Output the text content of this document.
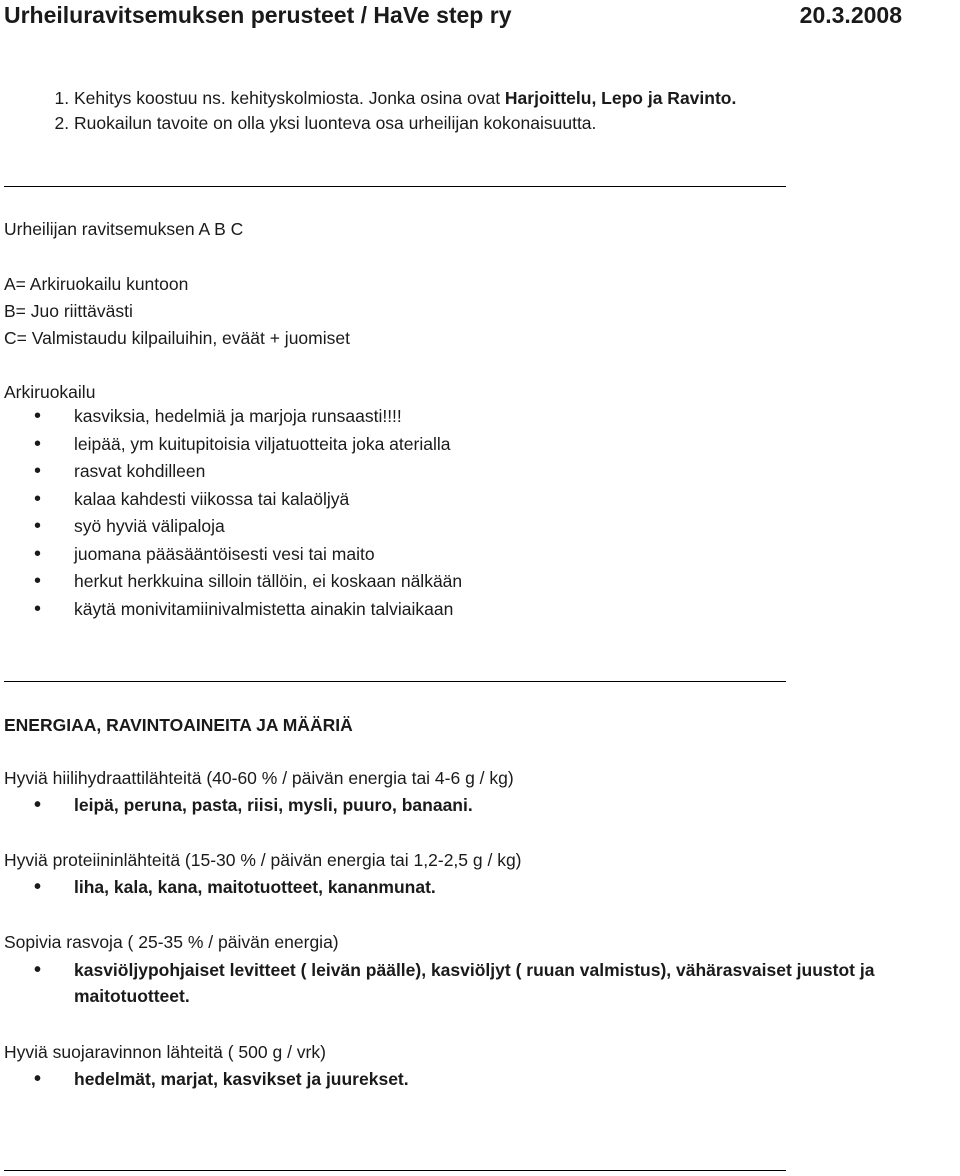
Urheiluravitsemuksen perusteet / HaVe step ry	20.3.2008
1. Kehitys koostuu ns. kehityskolmiosta. Jonka osina ovat Harjoittelu, Lepo ja Ravinto.
2. Ruokailun tavoite on olla yksi luonteva osa urheilijan kokonaisuutta.
Urheilijan ravitsemuksen A B C
A= Arkiruokailu kuntoon
B= Juo riittävästi
C= Valmistaudu kilpailuihin, eväät + juomiset
Arkiruokailu
• kasviksia, hedelmiä ja marjoja runsaasti!!!!
• leipää, ym kuitupitoisia viljatuotteita joka aterialla
• rasvat kohdilleen
• kalaa kahdesti viikossa tai kalaöljyä
• syö hyviä välipaloja
• juomana pääsääntöisesti vesi tai maito
• herkut herkkuina silloin tällöin, ei koskaan nälkään
• käytä monivitamiinivalmistetta ainakin talviaikaan
ENERGIAA, RAVINTOAINEITA JA MÄÄRIÄ
Hyviä hiilihydraattilähteitä (40-60 % / päivän energia tai 4-6 g / kg)
• leipä, peruna, pasta, riisi, mysli, puuro, banaani.
Hyviä proteiininlähteitä (15-30 % / päivän energia tai 1,2-2,5 g / kg)
• liha, kala, kana, maitotuotteet, kananmunat.
Sopivia rasvoja ( 25-35 % / päivän energia)
• kasviöljypohjaiset levitteet ( leivän päälle), kasviöljyt ( ruuan valmistus), vähärasvaiset juustot ja maitotuotteet.
Hyviä suojaravinnon lähteitä ( 500 g / vrk)
• hedelmät, marjat, kasvikset ja juurekset.
